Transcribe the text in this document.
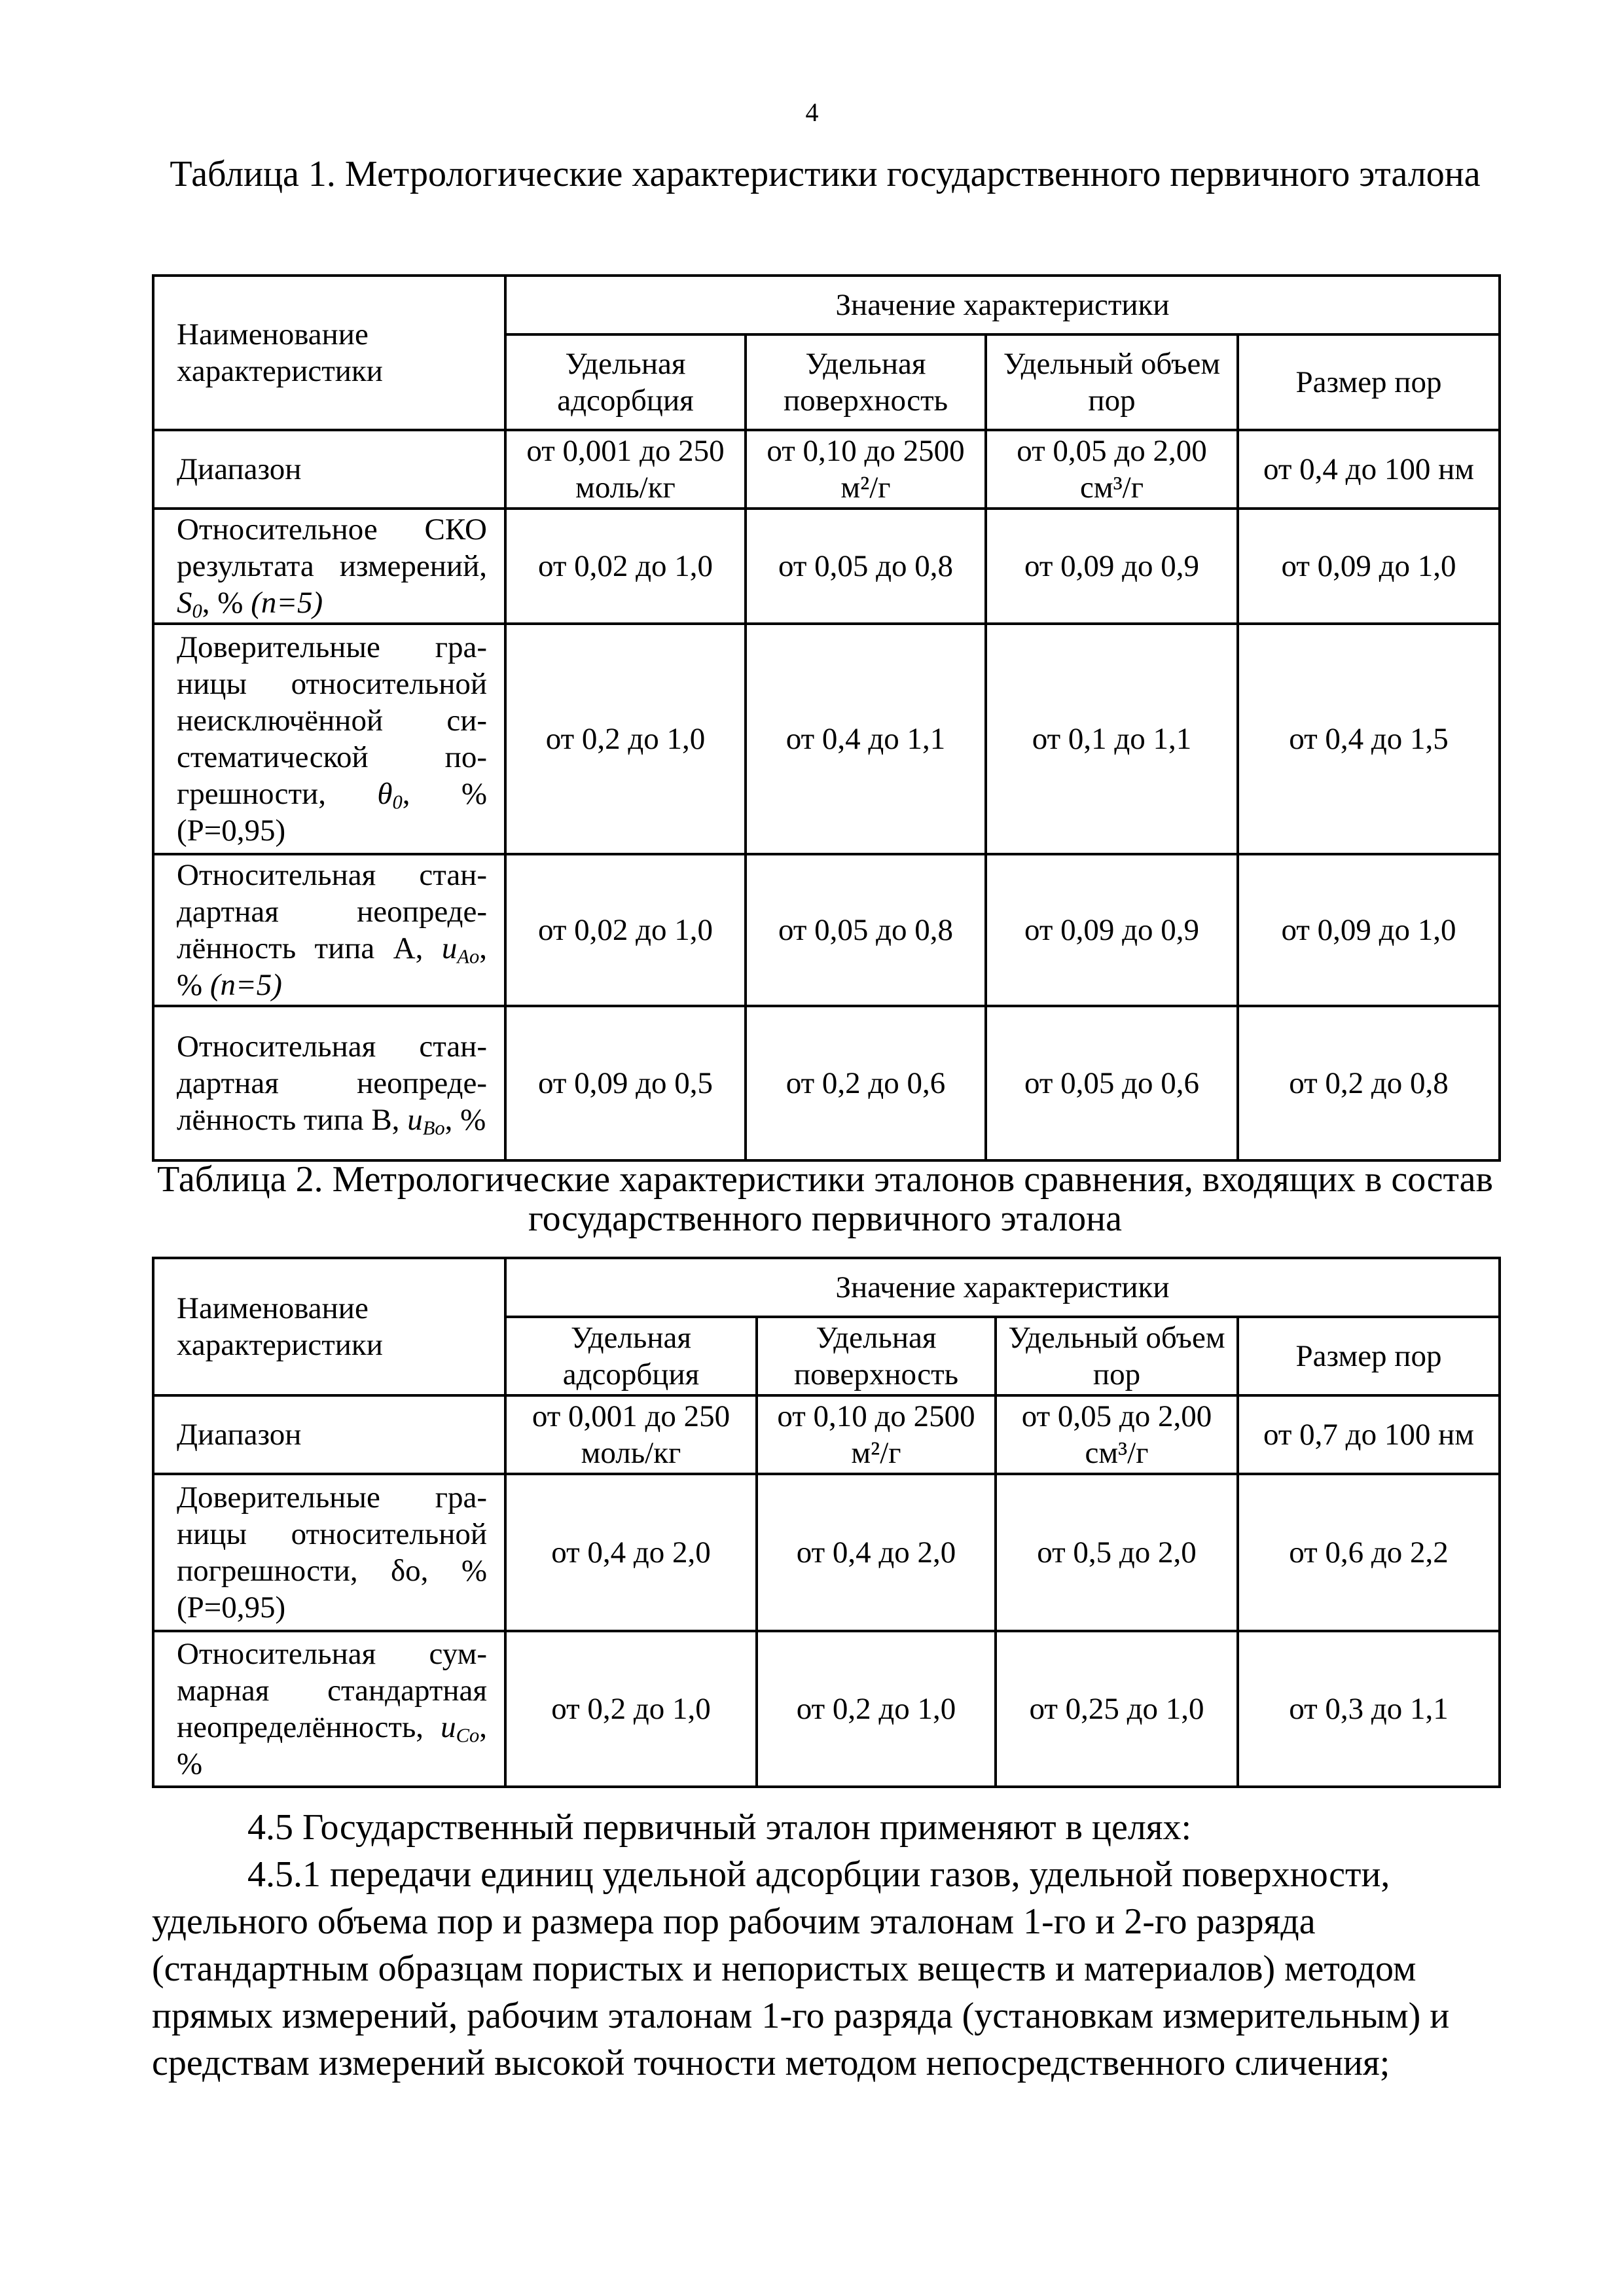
4
Таблица 1. Метрологические характеристики государственного первичного эталона
Наименование характеристики	Значение характеристики			
	Удельная адсорбция	Удельная поверхность	Удельный объем пор	Размер пор
Диапазон	от 0,001 до 250 моль/кг	от 0,10 до 2500 м²/г	от 0,05 до 2,00 см³/г	от 0,4 до 100 нм
Относительное СКО результата измерений, $S_0$, % (n=5)	от 0,02 до 1,0	от 0,05 до 0,8	от 0,09 до 0,9	от 0,09 до 1,0
Доверительные границы относительной неисключённой систематической погрешности, $\theta_0$, % (Р=0,95)	от 0,2 до 1,0	от 0,4 до 1,1	от 0,1 до 1,1	от 0,4 до 1,5
Относительная стандартная неопределённость типа А, $u_{Ao}$, % (n=5)	от 0,02 до 1,0	от 0,05 до 0,8	от 0,09 до 0,9	от 0,09 до 1,0
Относительная стандартная неопределённость типа В, $u_{Bo}$, %	от 0,09 до 0,5	от 0,2 до 0,6	от 0,05 до 0,6	от 0,2 до 0,8
Таблица 2. Метрологические характеристики эталонов сравнения, входящих в состав государственного первичного эталона
Наименование характеристики	Значение характеристики			
	Удельная адсорбция	Удельная поверхность	Удельный объем пор	Размер пор
Диапазон	от 0,001 до 250 моль/кг	от 0,10 до 2500 м²/г	от 0,05 до 2,00 см³/г	от 0,7 до 100 нм
Доверительные границы относительной погрешности, δo, % (Р=0,95)	от 0,4 до 2,0	от 0,4 до 2,0	от 0,5 до 2,0	от 0,6 до 2,2
Относительная суммарная стандартная неопределённость, $u_{Co}$, %	от 0,2 до 1,0	от 0,2 до 1,0	от 0,25 до 1,0	от 0,3 до 1,1

4.5 Государственный первичный эталон применяют в целях:

4.5.1 передачи единиц удельной адсорбции газов, удельной поверхности, удельного объема пор и размера пор рабочим эталонам 1-го и 2-го разряда (стандартным образцам пористых и непористых веществ и материалов) методом прямых измерений, рабочим эталонам 1-го разряда (установкам измерительным) и средствам измерений высокой точности методом непосредственного сличения;
